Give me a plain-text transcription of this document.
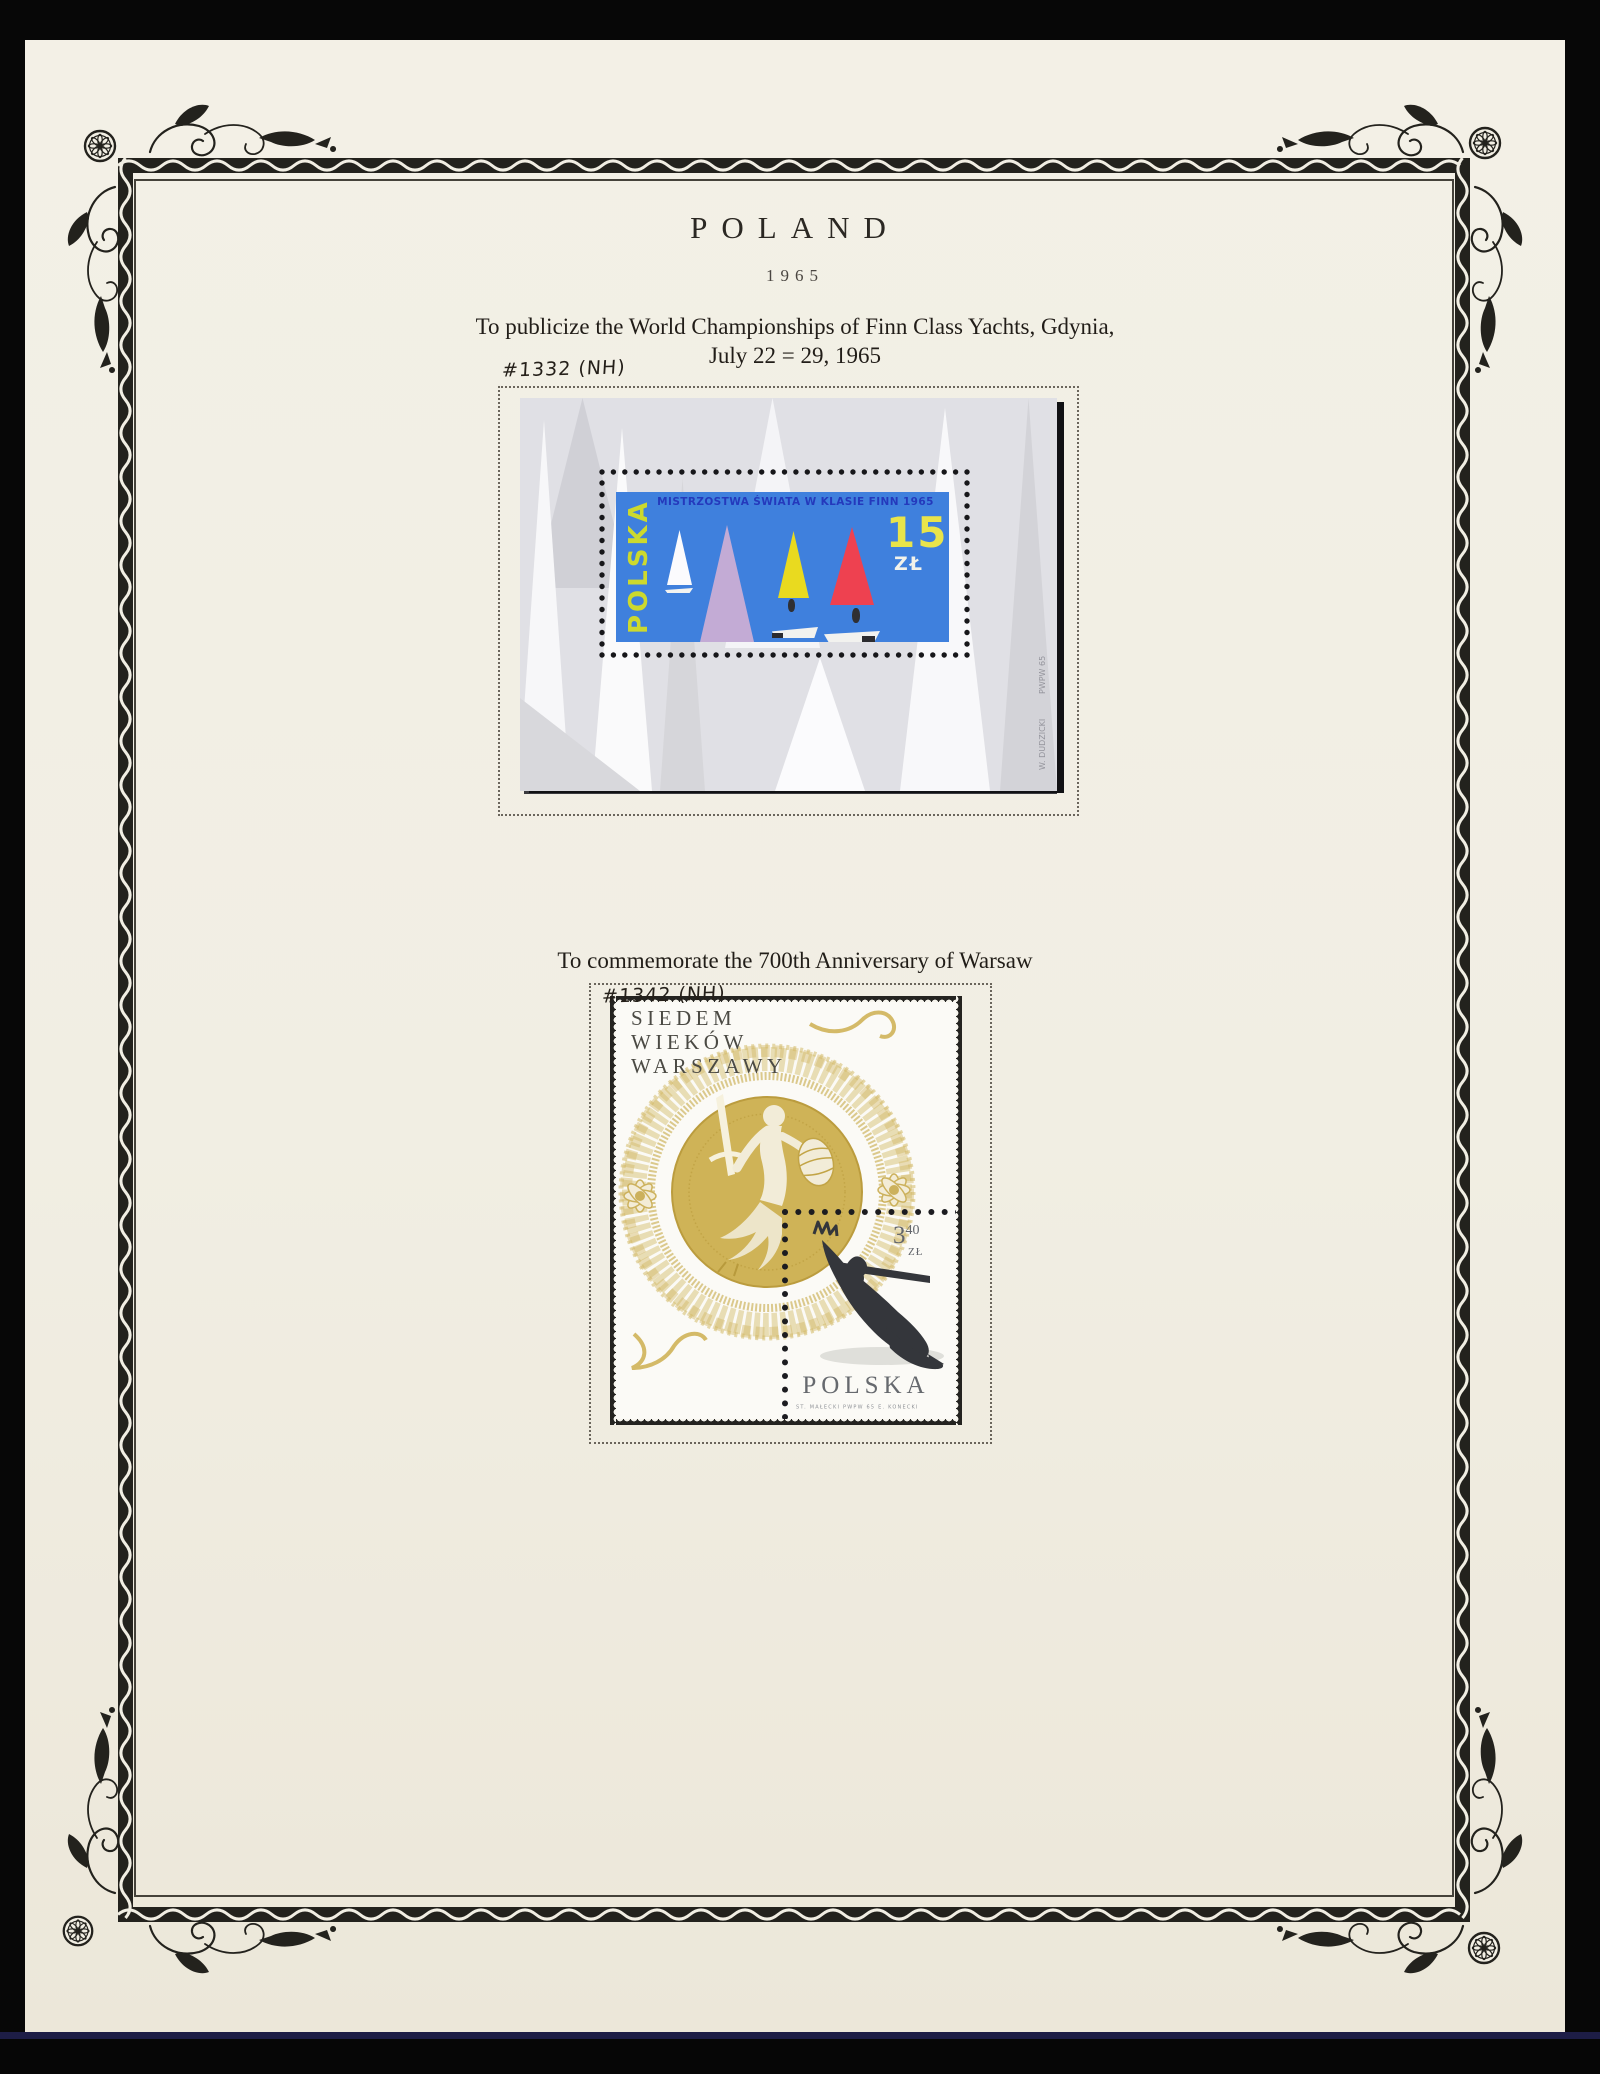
POLAND
1965
To publicize the World Championships of Finn Class Yachts, Gdynia,
July 22 = 29, 1965
#1332 (NH)
MISTRZOSTWA ŚWIATA W KLASIE FINN 1965
POLSKA	15
ZŁ
PWPW 65
W. DUDZICKI
To commemorate the 700th Anniversary of Warsaw
#1342 (NH)
SIEDEM
WIEKÓW
WARSZAWY
340
ZŁ
POLSKA
ST. MAŁECKI PWPW 65 E. KONECKI
